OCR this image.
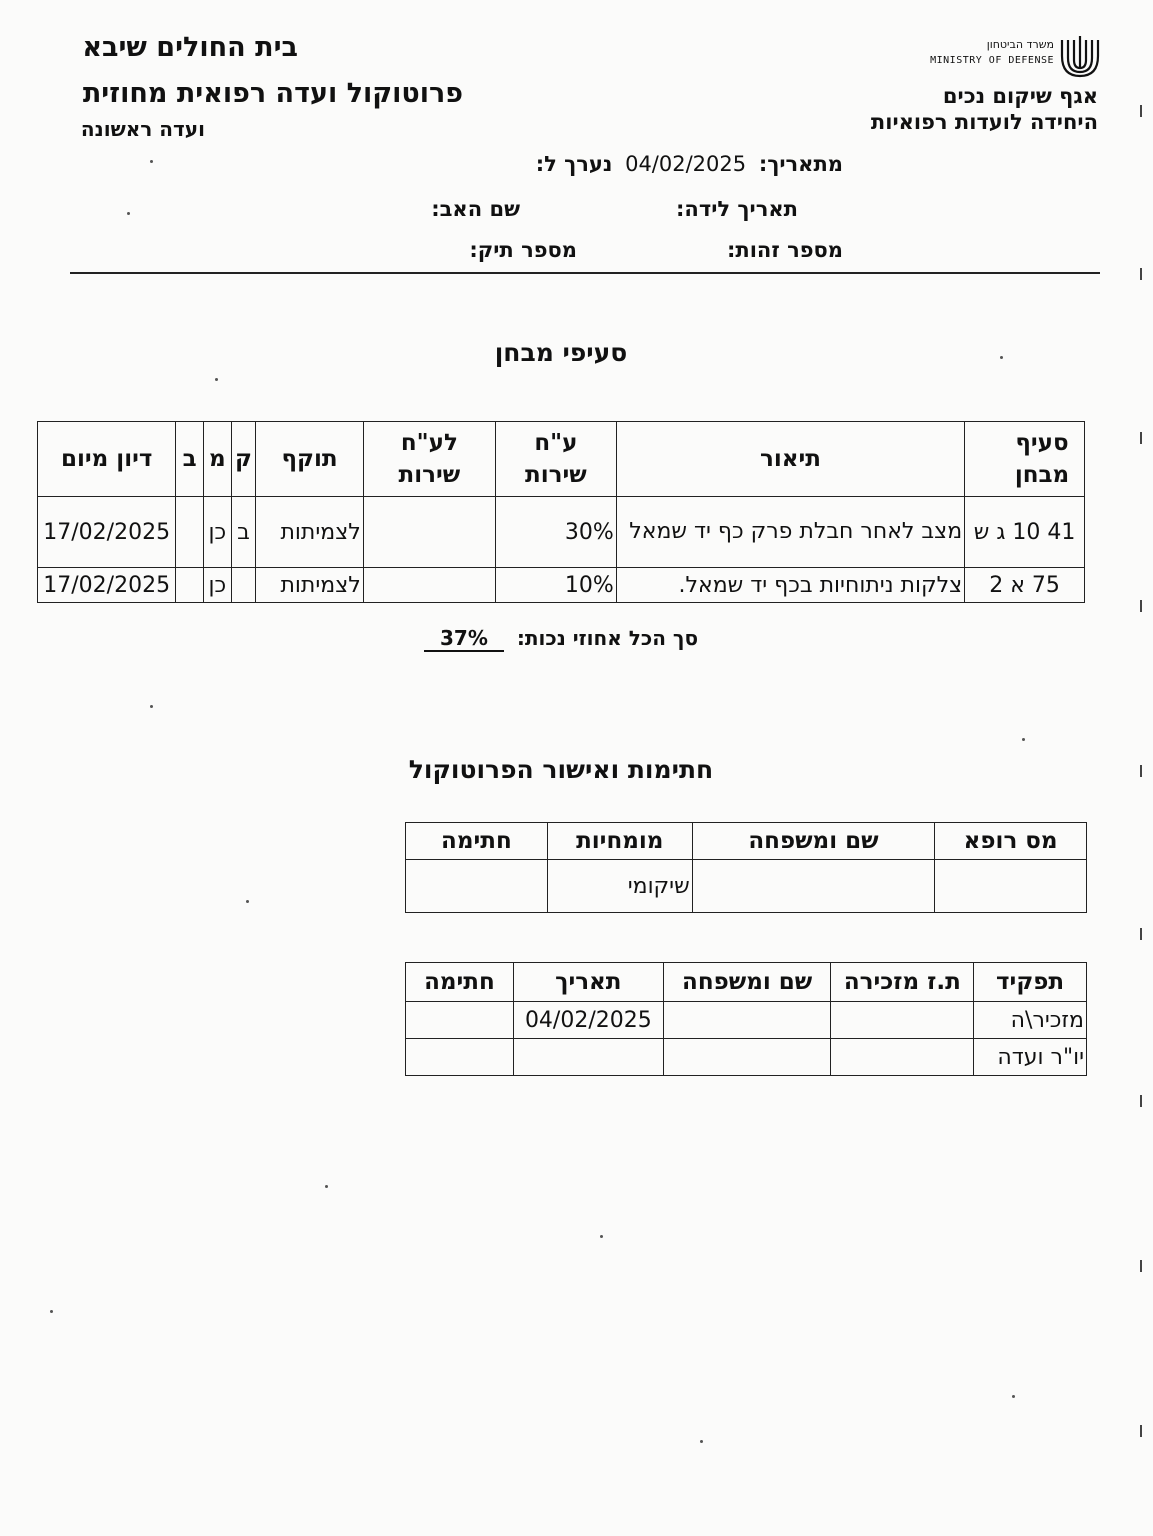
בית החולים שיבא
פרוטוקול ועדה רפואית מחוזית
ועדה ראשונה
משרד הביטחון
MINISTRY OF DEFENSE
אגף שיקום נכים
היחידה לועדות רפואיות
מתאריך: 04/02/2025 נערך ל:
תאריך לידה:
שם האב:
מספר זהות:
מספר תיק:
סעיפי מבחן
סעיף מבחן	תיאור	ע"ח שירות	לע"ח שירות	תוקף	ק	מ	ב	דיון מיום
41 10 ג ש	מצב לאחר חבלת פרק כף יד שמאל	30%		לצמיתות	ב	כן		17/02/2025
75 א 2	צלקות ניתוחיות בכף יד שמאל.	10%		לצמיתות		כן		17/02/2025
סך הכל אחוזי נכות: 37%
חתימות ואישור הפרוטוקול
מס רופא	שם ומשפחה	מומחיות	חתימה
		שיקומי	
תפקיד	ת.ז מזכירה	שם ומשפחה	תאריך	חתימה
מזכיר\ה			04/02/2025	
יו"ר ועדה				
